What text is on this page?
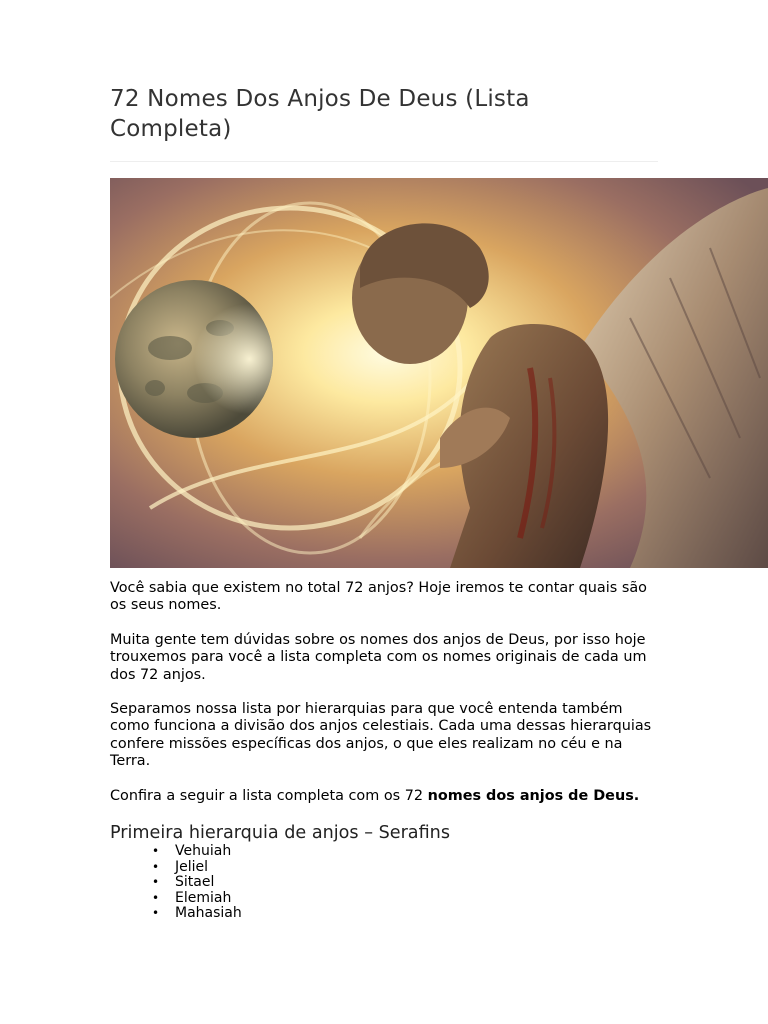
72 Nomes Dos Anjos De Deus (Lista Completa)

Você sabia que existem no total 72 anjos? Hoje iremos te contar quais são os seus nomes.

Muita gente tem dúvidas sobre os nomes dos anjos de Deus, por isso hoje trouxemos para você a lista completa com os nomes originais de cada um dos 72 anjos.

Separamos nossa lista por hierarquias para que você entenda também como funciona a divisão dos anjos celestiais. Cada uma dessas hierarquias confere missões específicas dos anjos, o que eles realizam no céu e na Terra.

Confira a seguir a lista completa com os 72 nomes dos anjos de Deus.

Primeira hierarquia de anjos – Serafins
• Vehuiah
• Jeliel
• Sitael
• Elemiah
• Mahasiah
